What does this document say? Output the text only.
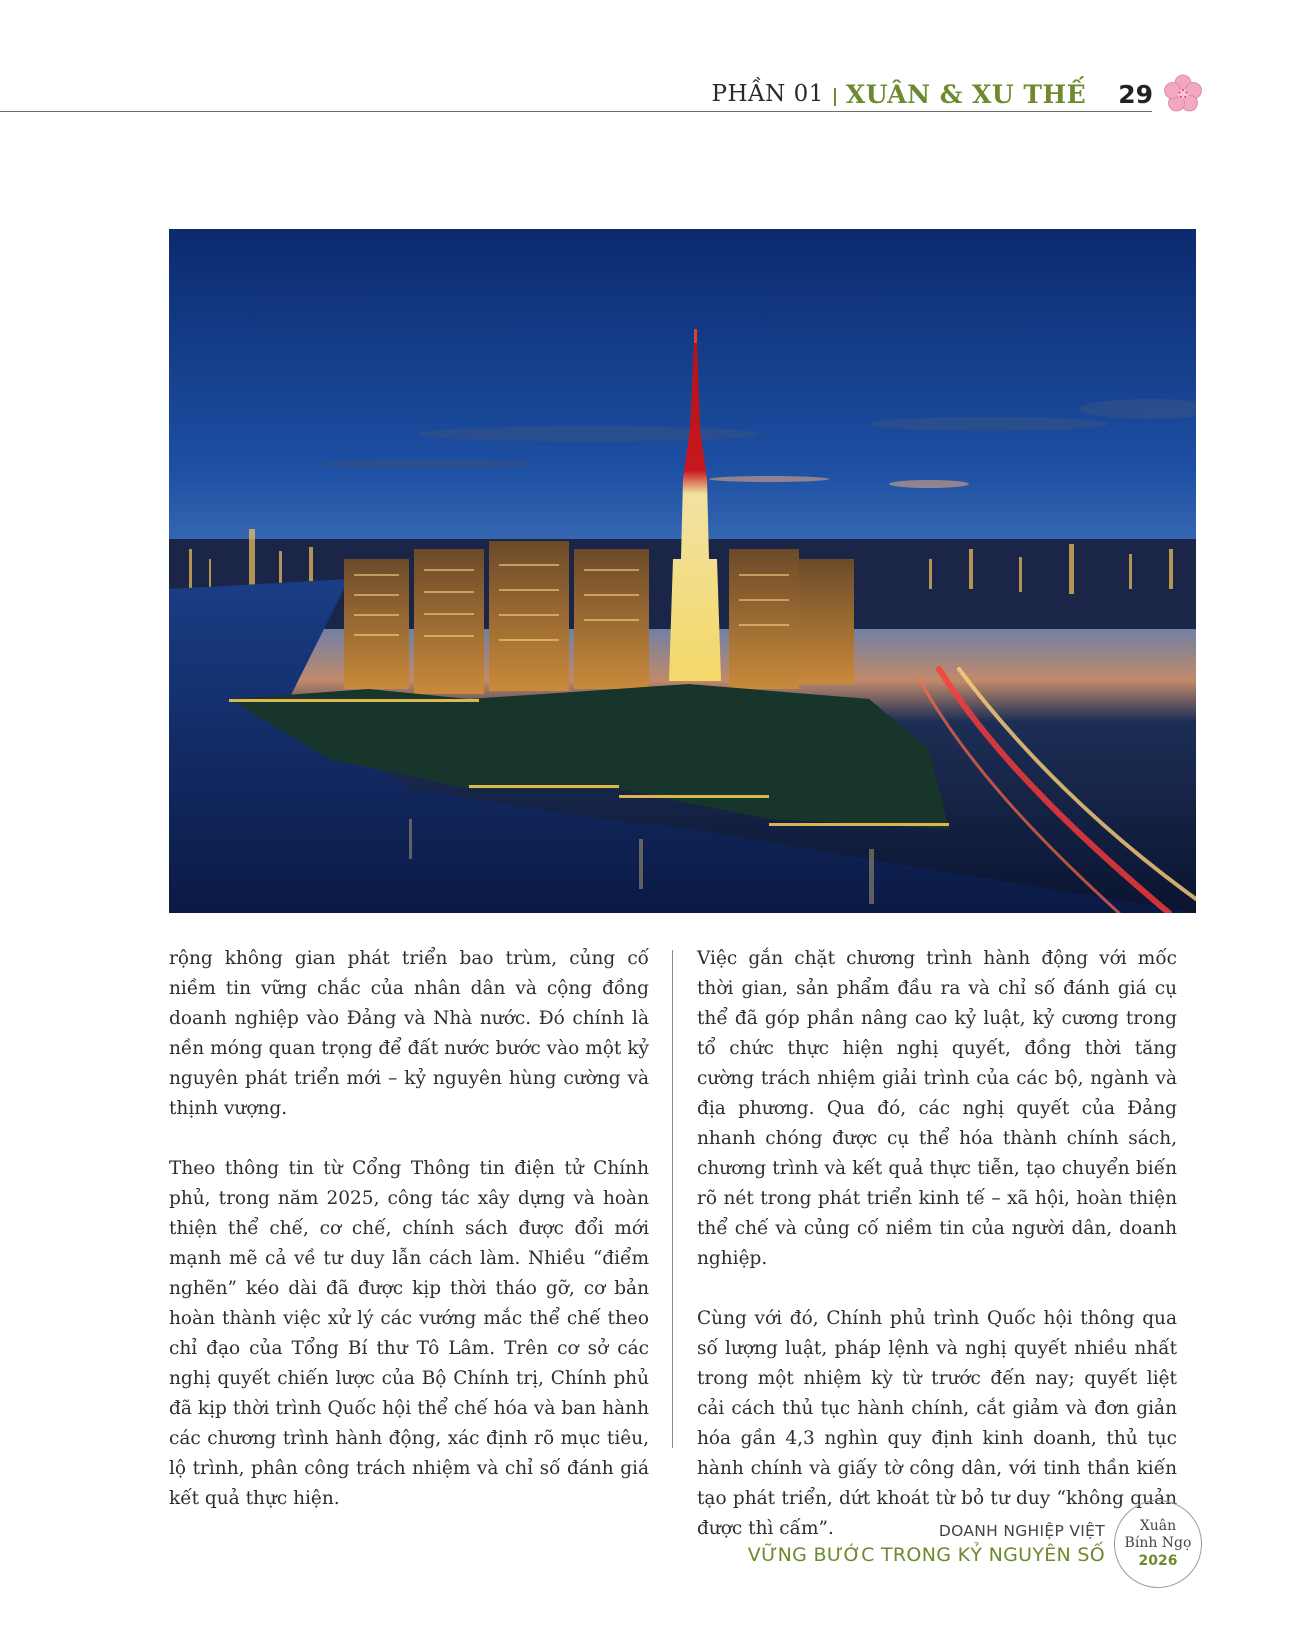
PHẦN 01 XUÂN & XU THẾ 29

rộng không gian phát triển bao trùm, củng cố niềm tin vững chắc của nhân dân và cộng đồng doanh nghiệp vào Đảng và Nhà nước. Đó chính là nền móng quan trọng để đất nước bước vào một kỷ nguyên phát triển mới – kỷ nguyên hùng cường và thịnh vượng.

Theo thông tin từ Cổng Thông tin điện tử Chính phủ, trong năm 2025, công tác xây dựng và hoàn thiện thể chế, cơ chế, chính sách được đổi mới mạnh mẽ cả về tư duy lẫn cách làm. Nhiều “điểm nghẽn” kéo dài đã được kịp thời tháo gỡ, cơ bản hoàn thành việc xử lý các vướng mắc thể chế theo chỉ đạo của Tổng Bí thư Tô Lâm. Trên cơ sở các nghị quyết chiến lược của Bộ Chính trị, Chính phủ đã kịp thời trình Quốc hội thể chế hóa và ban hành các chương trình hành động, xác định rõ mục tiêu, lộ trình, phân công trách nhiệm và chỉ số đánh giá kết quả thực hiện.

Việc gắn chặt chương trình hành động với mốc thời gian, sản phẩm đầu ra và chỉ số đánh giá cụ thể đã góp phần nâng cao kỷ luật, kỷ cương trong tổ chức thực hiện nghị quyết, đồng thời tăng cường trách nhiệm giải trình của các bộ, ngành và địa phương. Qua đó, các nghị quyết của Đảng nhanh chóng được cụ thể hóa thành chính sách, chương trình và kết quả thực tiễn, tạo chuyển biến rõ nét trong phát triển kinh tế – xã hội, hoàn thiện thể chế và củng cố niềm tin của người dân, doanh nghiệp.

Cùng với đó, Chính phủ trình Quốc hội thông qua số lượng luật, pháp lệnh và nghị quyết nhiều nhất trong một nhiệm kỳ từ trước đến nay; quyết liệt cải cách thủ tục hành chính, cắt giảm và đơn giản hóa gần 4,3 nghìn quy định kinh doanh, thủ tục hành chính và giấy tờ công dân, với tinh thần kiến tạo phát triển, dứt khoát từ bỏ tư duy “không quản được thì cấm”.	DOANH NGHIỆP VIỆT
VỮNG BƯỚC TRONG KỶ NGUYÊN SỐ
Xuân
Bính Ngọ
2026
